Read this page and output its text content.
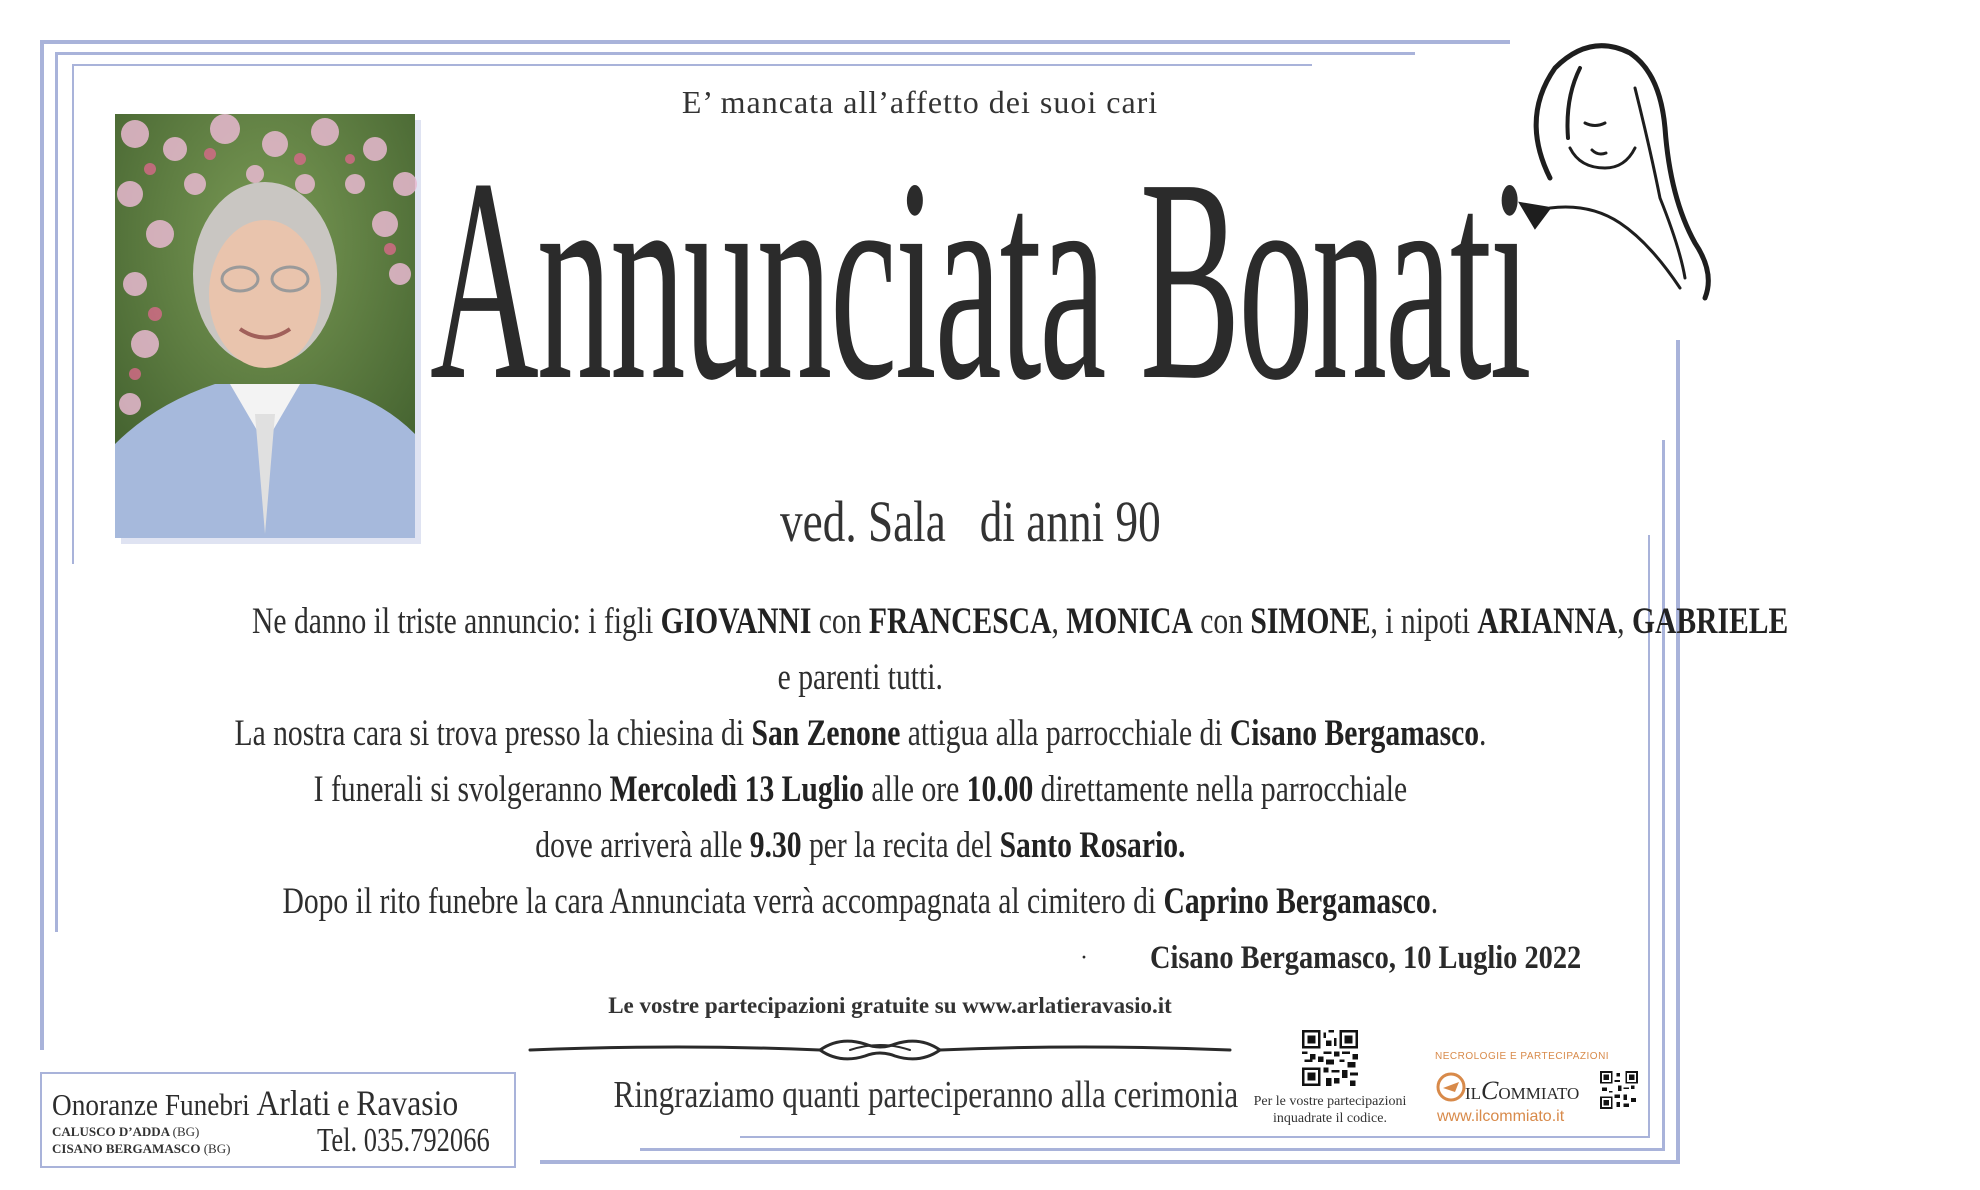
E’ mancata all’affetto dei suoi cari
Annunciata Bonati
ved. Sala   di anni 90
Ne danno il triste annuncio: i figli GIOVANNI con FRANCESCA, MONICA con SIMONE, i nipoti ARIANNA, GABRIELE
e parenti tutti.
La nostra cara si trova presso la chiesina di San Zenone attigua alla parrocchiale di Cisano Bergamasco.
I funerali si svolgeranno Mercoledì 13 Luglio alle ore 10.00 direttamente nella parrocchiale
dove arriverà alle 9.30 per la recita del Santo Rosario.
Dopo il rito funebre la cara Annunciata verrà accompagnata al cimitero di Caprino Bergamasco.
· Cisano Bergamasco, 10 Luglio 2022
Le vostre partecipazioni gratuite su www.arlatieravasio.it
Ringraziamo quanti parteciperanno alla cerimonia
Onoranze Funebri Arlati e Ravasio
CALUSCO D’ADDA (BG)
CISANO BERGAMASCO (BG)	Tel. 035.792066
Per le vostre partecipazioni
inquadrate il codice.
NECROLOGIE E PARTECIPAZIONI
ILCOMMIATO
www.ilcommiato.it
